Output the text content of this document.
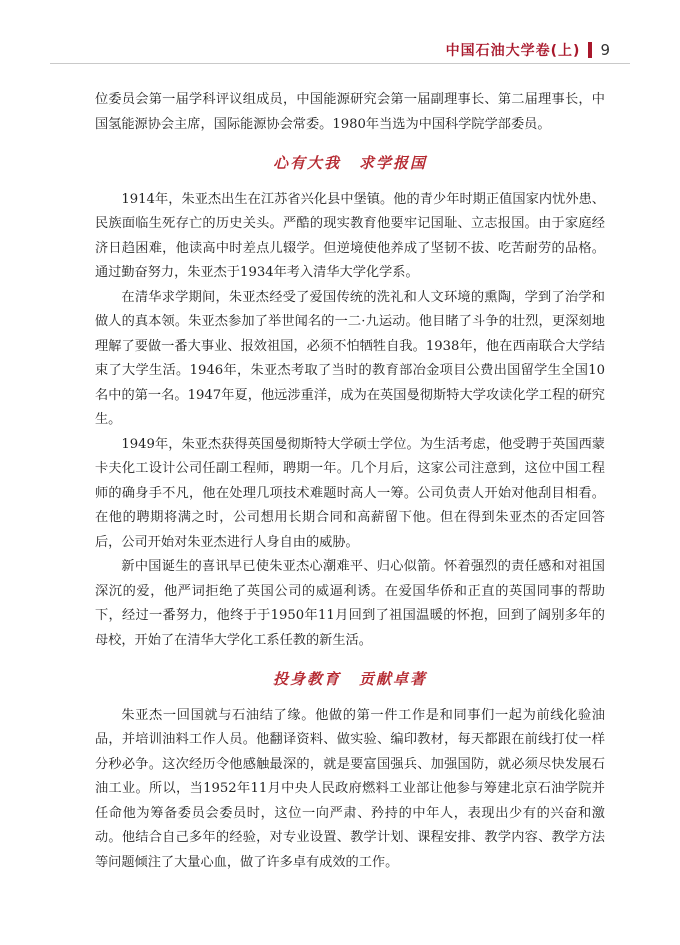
中国石油大学卷(上) 9

位委员会第一届学科评议组成员，中国能源研究会第一届副理事长、第二届理事长，中国氢能源协会主席，国际能源协会常委。1980年当选为中国科学院学部委员。

心有大我 求学报国

1914年，朱亚杰出生在江苏省兴化县中堡镇。他的青少年时期正值国家内忧外患、民族面临生死存亡的历史关头。严酷的现实教育他要牢记国耻、立志报国。由于家庭经济日趋困难，他读高中时差点儿辍学。但逆境使他养成了坚韧不拔、吃苦耐劳的品格。通过勤奋努力，朱亚杰于1934年考入清华大学化学系。

在清华求学期间，朱亚杰经受了爱国传统的洗礼和人文环境的熏陶，学到了治学和做人的真本领。朱亚杰参加了举世闻名的一二·九运动。他目睹了斗争的壮烈，更深刻地理解了要做一番大事业、报效祖国，必须不怕牺牲自我。1938年，他在西南联合大学结束了大学生活。1946年，朱亚杰考取了当时的教育部冶金项目公费出国留学生全国10名中的第一名。1947年夏，他远涉重洋，成为在英国曼彻斯特大学攻读化学工程的研究生。

1949年，朱亚杰获得英国曼彻斯特大学硕士学位。为生活考虑，他受聘于英国西蒙卡夫化工设计公司任副工程师，聘期一年。几个月后，这家公司注意到，这位中国工程师的确身手不凡，他在处理几项技术难题时高人一筹。公司负责人开始对他刮目相看。在他的聘期将满之时，公司想用长期合同和高薪留下他。但在得到朱亚杰的否定回答后，公司开始对朱亚杰进行人身自由的威胁。

新中国诞生的喜讯早已使朱亚杰心潮难平、归心似箭。怀着强烈的责任感和对祖国深沉的爱，他严词拒绝了英国公司的威逼利诱。在爱国华侨和正直的英国同事的帮助下，经过一番努力，他终于于1950年11月回到了祖国温暖的怀抱，回到了阔别多年的母校，开始了在清华大学化工系任教的新生活。

投身教育 贡献卓著

朱亚杰一回国就与石油结了缘。他做的第一件工作是和同事们一起为前线化验油品，并培训油料工作人员。他翻译资料、做实验、编印教材，每天都跟在前线打仗一样分秒必争。这次经历令他感触最深的，就是要富国强兵、加强国防，就必须尽快发展石油工业。所以，当1952年11月中央人民政府燃料工业部让他参与筹建北京石油学院并任命他为筹备委员会委员时，这位一向严肃、矜持的中年人，表现出少有的兴奋和激动。他结合自己多年的经验，对专业设置、教学计划、课程安排、教学内容、教学方法等问题倾注了大量心血，做了许多卓有成效的工作。
